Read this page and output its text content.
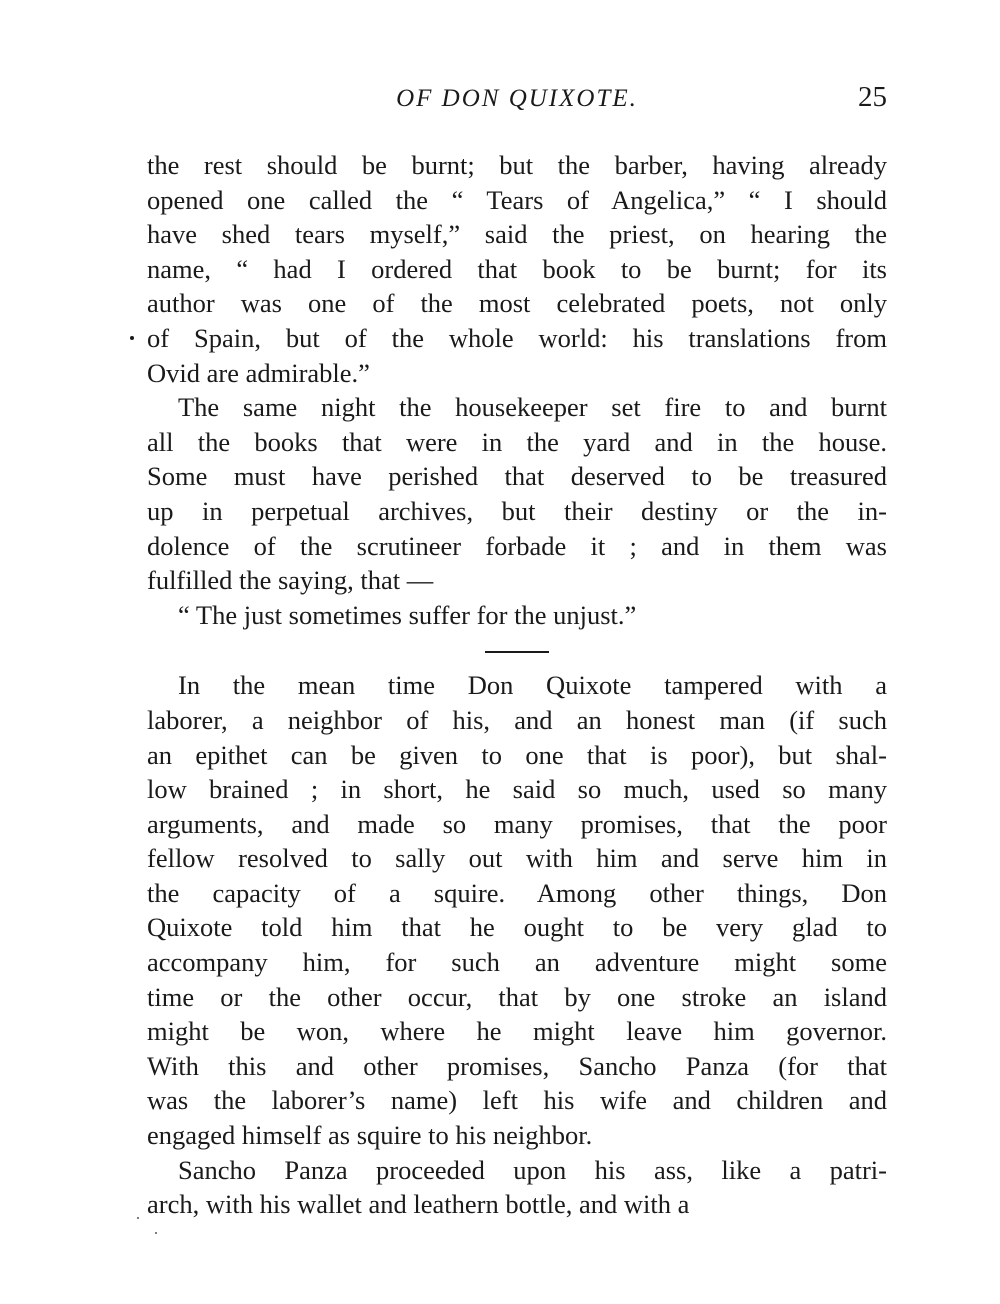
OF DON QUIXOTE.	25
the rest should be burnt; but the barber, having already
opened one called the “ Tears of Angelica,” “ I should
have shed tears myself,” said the priest, on hearing the
name, “ had I ordered that book to be burnt; for its
author was one of the most celebrated poets, not only
of Spain, but of the whole world: his translations from
Ovid are admirable.”
The same night the housekeeper set fire to and burnt
all the books that were in the yard and in the house.
Some must have perished that deserved to be treasured
up in perpetual archives, but their destiny or the in-
dolence of the scrutineer forbade it ; and in them was
fulfilled the saying, that —
“ The just sometimes suffer for the unjust.”
In the mean time Don Quixote tampered with a
laborer, a neighbor of his, and an honest man (if such
an epithet can be given to one that is poor), but shal-
low brained ; in short, he said so much, used so many
arguments, and made so many promises, that the poor
fellow resolved to sally out with him and serve him in
the capacity of a squire. Among other things, Don
Quixote told him that he ought to be very glad to
accompany him, for such an adventure might some
time or the other occur, that by one stroke an island
might be won, where he might leave him governor.
With this and other promises, Sancho Panza (for that
was the laborer’s name) left his wife and children and
engaged himself as squire to his neighbor.
Sancho Panza proceeded upon his ass, like a patri-
arch, with his wallet and leathern bottle, and with a
